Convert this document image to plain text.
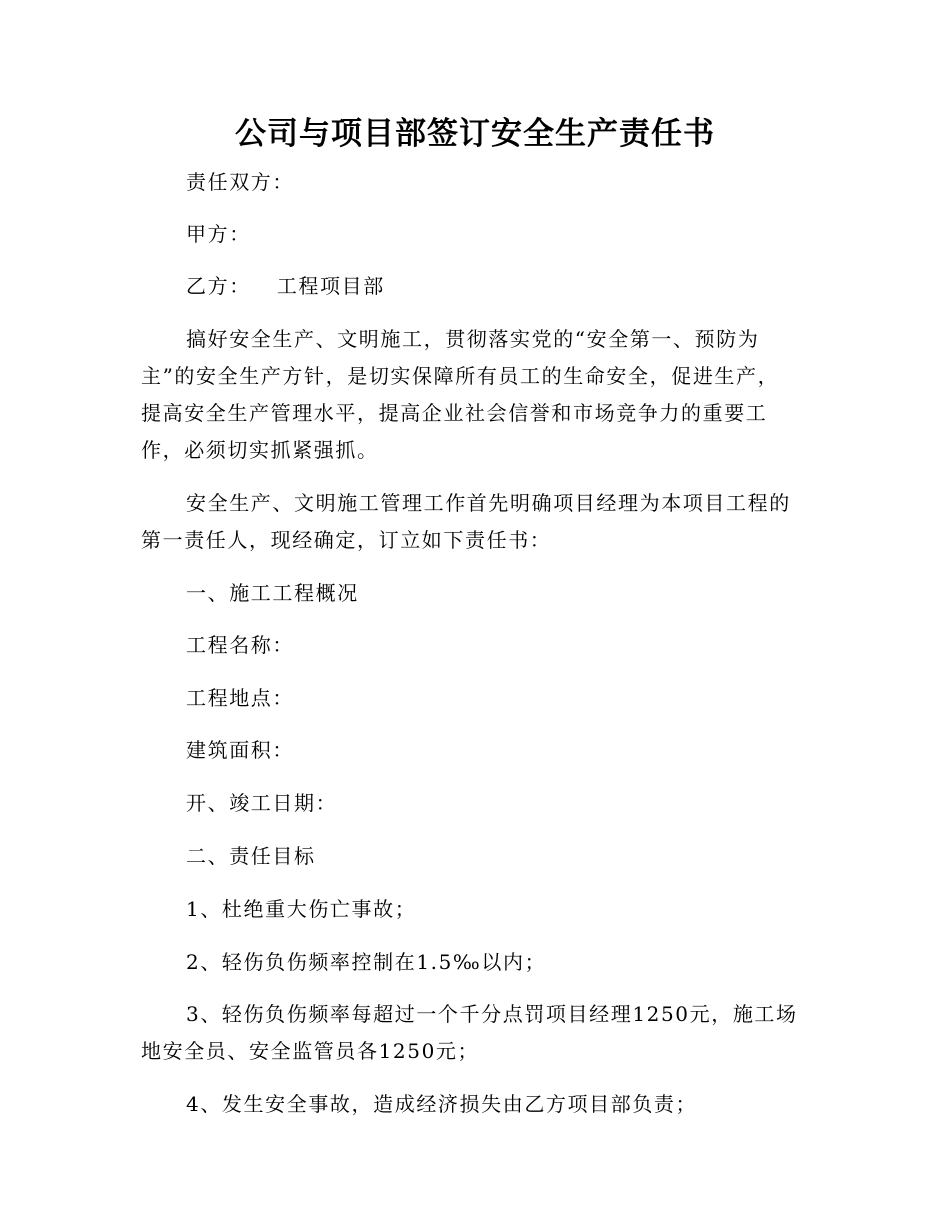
公司与项目部签订安全生产责任书

责任双方：

甲方：

乙方： 工程项目部

搞好安全生产、文明施工，贯彻落实党的“安全第一、预防为
主”的安全生产方针，是切实保障所有员工的生命安全，促进生产，
提高安全生产管理水平，提高企业社会信誉和市场竞争力的重要工
作，必须切实抓紧强抓。
安全生产、文明施工管理工作首先明确项目经理为本项目工程的
第一责任人，现经确定，订立如下责任书：

一、施工工程概况

工程名称：

工程地点：

建筑面积：

开、竣工日期：

二、责任目标

1、杜绝重大伤亡事故；

2、轻伤负伤频率控制在1.5‰以内；

3、轻伤负伤频率每超过一个千分点罚项目经理1250元，施工场
地安全员、安全监管员各1250元；

4、发生安全事故，造成经济损失由乙方项目部负责；
